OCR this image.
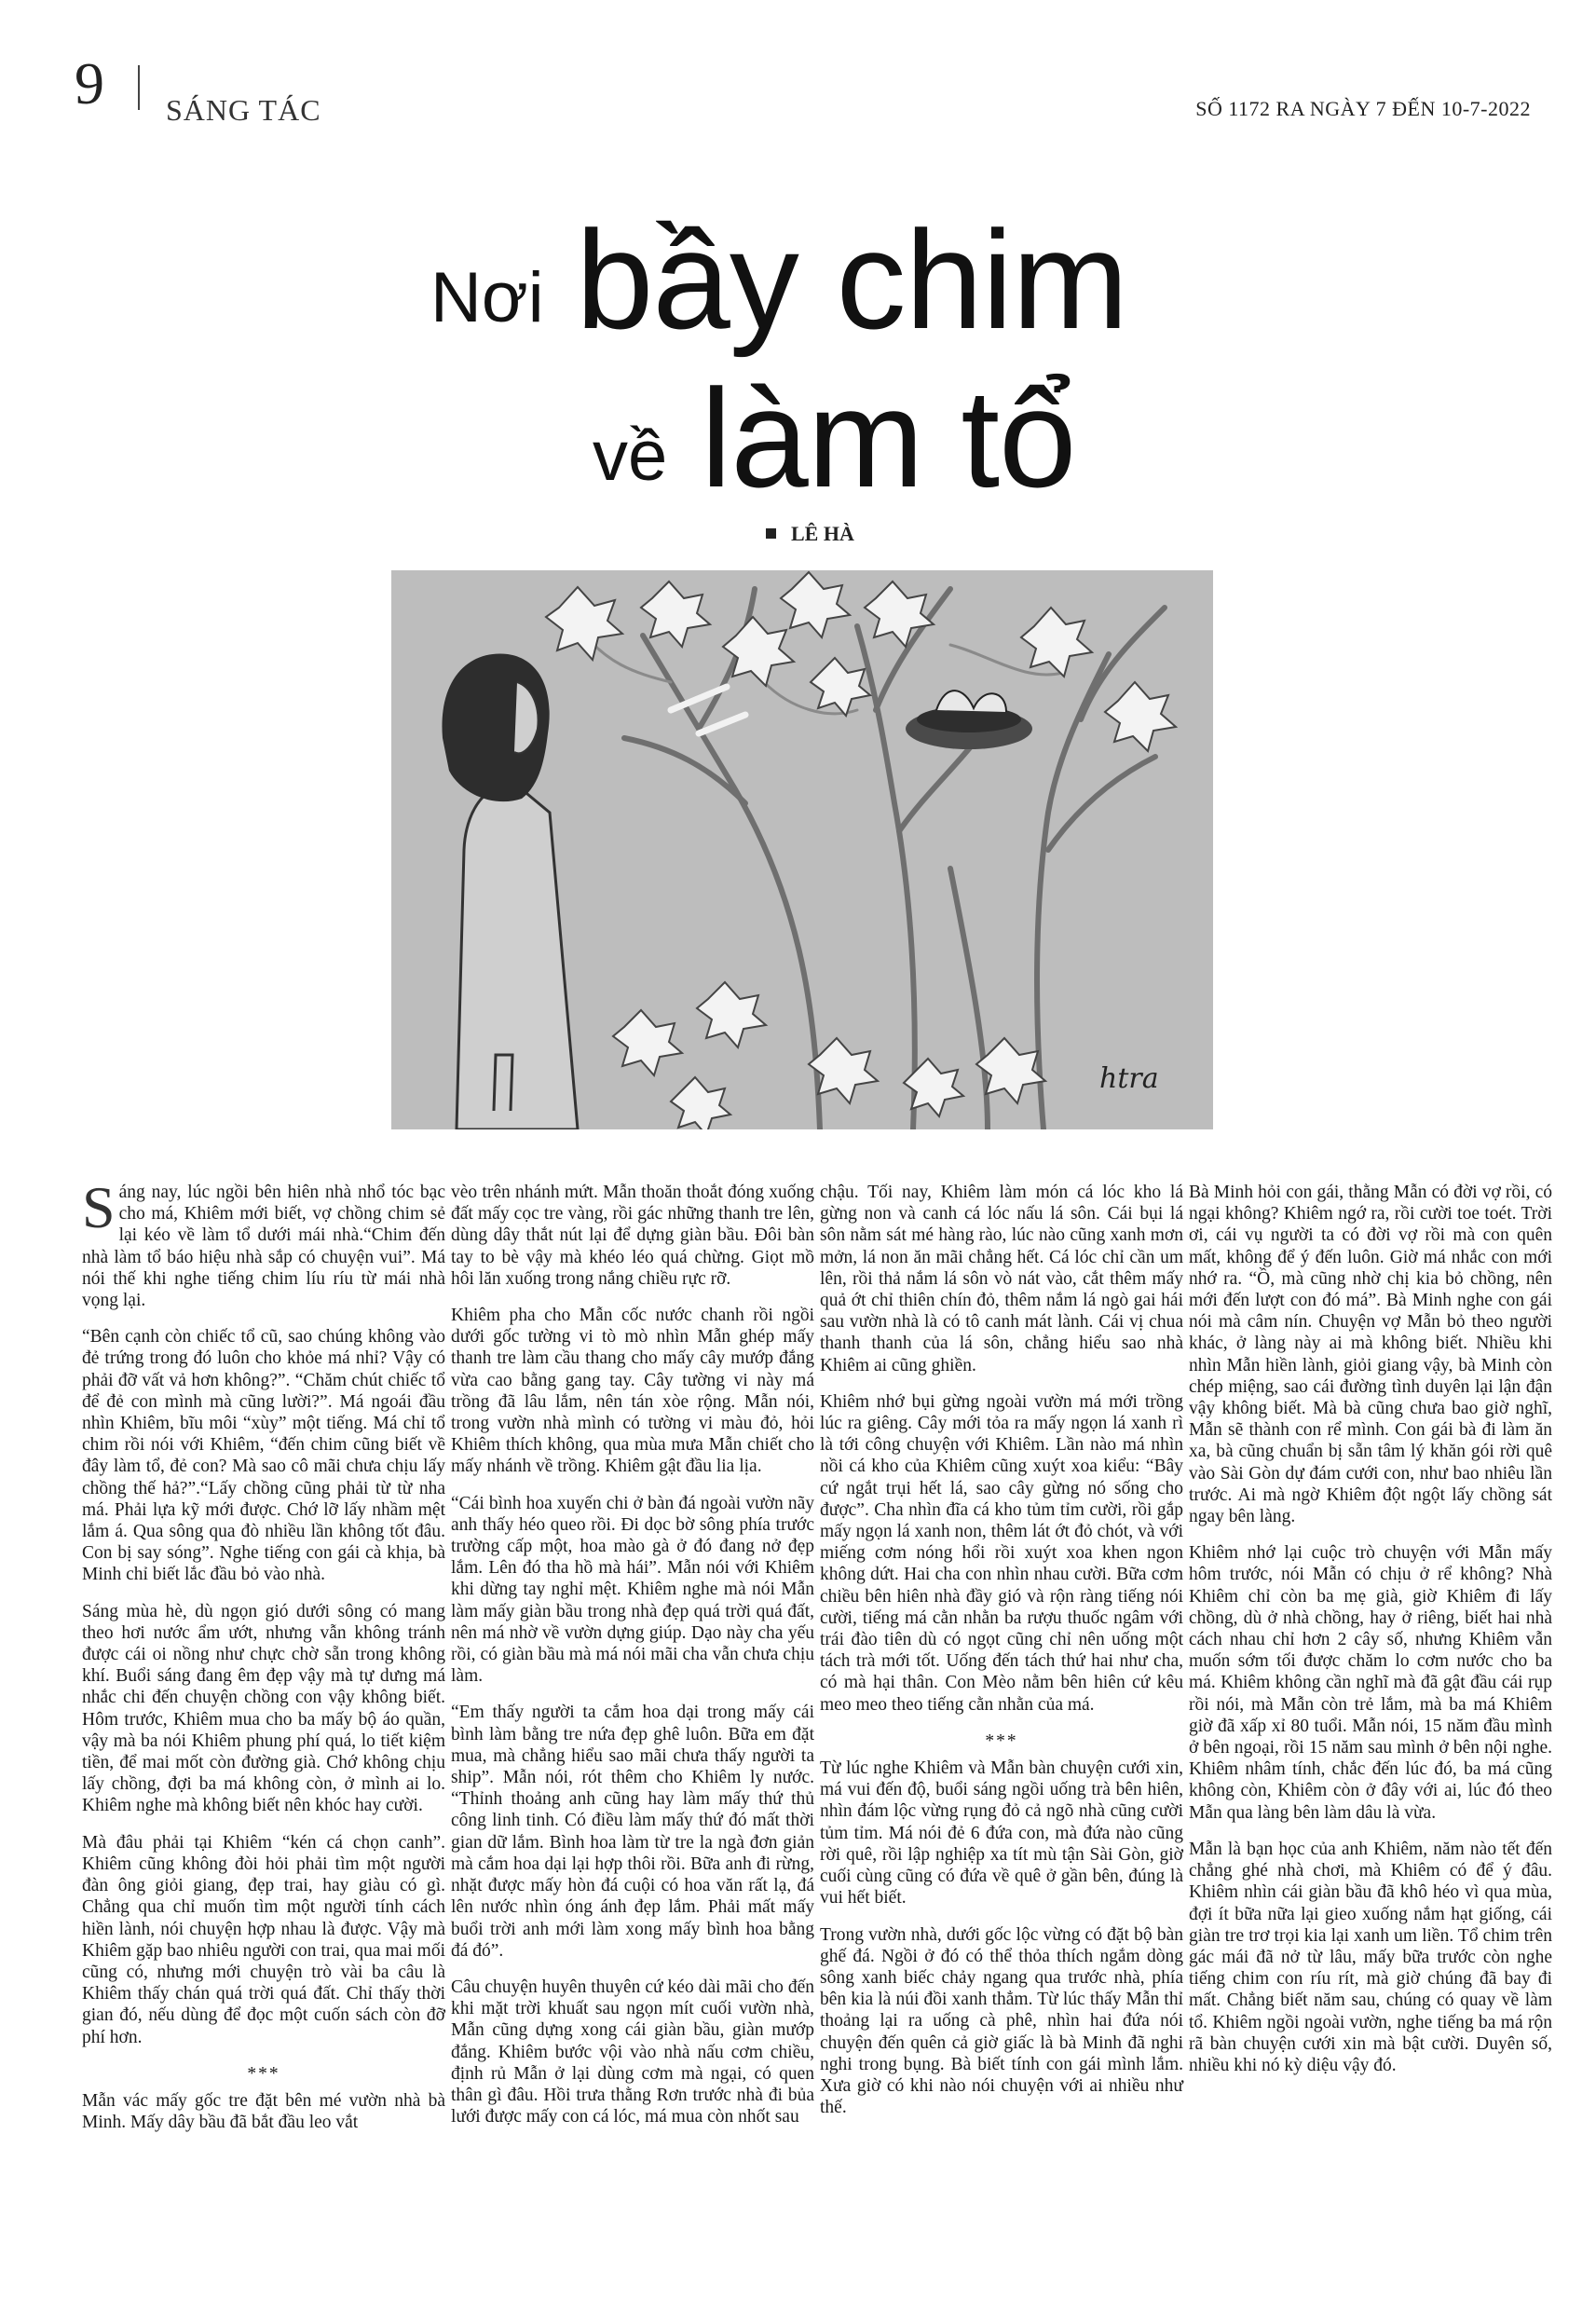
9 SÁNG TÁC	SỐ 1172 RA NGÀY 7 ĐẾN 10-7-2022
Nơi bầy chim
về làm tổ
LÊ HÀ
htra

Sáng nay, lúc ngồi bên hiên nhà nhổ tóc bạc cho má, Khiêm mới biết, vợ chồng chim sẻ lại kéo về làm tổ dưới mái nhà.“Chim đến nhà làm tổ báo hiệu nhà sắp có chuyện vui”. Má nói thế khi nghe tiếng chim líu ríu từ mái nhà vọng lại.

“Bên cạnh còn chiếc tổ cũ, sao chúng không vào đẻ trứng trong đó luôn cho khỏe má nhỉ? Vậy có phải đỡ vất vả hơn không?”. “Chăm chút chiếc tổ để đẻ con mình mà cũng lười?”. Má ngoái đầu nhìn Khiêm, bĩu môi “xùy” một tiếng. Má chỉ tổ chim rồi nói với Khiêm, “đến chim cũng biết về đây làm tổ, đẻ con? Mà sao cô mãi chưa chịu lấy chồng thế hả?”.“Lấy chồng cũng phải từ từ nha má. Phải lựa kỹ mới được. Chớ lỡ lấy nhầm mệt lắm á. Qua sông qua đò nhiều lần không tốt đâu. Con bị say sóng”. Nghe tiếng con gái cà khịa, bà Minh chỉ biết lắc đầu bỏ vào nhà.

Sáng mùa hè, dù ngọn gió dưới sông có mang theo hơi nước ẩm ướt, nhưng vẫn không tránh được cái oi nồng như chực chờ sẵn trong không khí. Buổi sáng đang êm đẹp vậy mà tự dưng má nhắc chi đến chuyện chồng con vậy không biết. Hôm trước, Khiêm mua cho ba mấy bộ áo quần, vậy mà ba nói Khiêm phung phí quá, lo tiết kiệm tiền, để mai mốt còn đường già. Chớ không chịu lấy chồng, đợi ba má không còn, ở mình ai lo. Khiêm nghe mà không biết nên khóc hay cười.

Mà đâu phải tại Khiêm “kén cá chọn canh”. Khiêm cũng không đòi hỏi phải tìm một người đàn ông giỏi giang, đẹp trai, hay giàu có gì. Chẳng qua chỉ muốn tìm một người tính cách hiền lành, nói chuyện hợp nhau là được. Vậy mà Khiêm gặp bao nhiêu người con trai, qua mai mối cũng có, nhưng mới chuyện trò vài ba câu là Khiêm thấy chán quá trời quá đất. Chỉ thấy thời gian đó, nếu dùng để đọc một cuốn sách còn đỡ phí hơn.

***

Mẫn vác mấy gốc tre đặt bên mé vườn nhà bà Minh. Mấy dây bầu đã bắt đầu leo vắt

vèo trên nhánh mứt. Mẫn thoăn thoắt đóng xuống đất mấy cọc tre vàng, rồi gác những thanh tre lên, dùng dây thắt nút lại để dựng giàn bầu. Đôi bàn tay to bè vậy mà khéo léo quá chừng. Giọt mồ hôi lăn xuống trong nắng chiều rực rỡ.

Khiêm pha cho Mẫn cốc nước chanh rồi ngồi dưới gốc tường vi tò mò nhìn Mẫn ghép mấy thanh tre làm cầu thang cho mấy cây mướp đắng vừa cao bằng gang tay. Cây tường vi này má trồng đã lâu lắm, nên tán xòe rộng. Mẫn nói, trong vườn nhà mình có tường vi màu đỏ, hỏi Khiêm thích không, qua mùa mưa Mẫn chiết cho mấy nhánh về trồng. Khiêm gật đầu lia lịa.

“Cái bình hoa xuyến chi ở bàn đá ngoài vườn nãy anh thấy héo queo rồi. Đi dọc bờ sông phía trước trường cấp một, hoa mào gà ở đó đang nở đẹp lắm. Lên đó tha hồ mà hái”. Mẫn nói với Khiêm khi dừng tay nghỉ mệt. Khiêm nghe mà nói Mẫn làm mấy giàn bầu trong nhà đẹp quá trời quá đất, nên má nhờ về vườn dựng giúp. Dạo này cha yếu rồi, có giàn bầu mà má nói mãi cha vẫn chưa chịu làm.

“Em thấy người ta cắm hoa dại trong mấy cái bình làm bằng tre nứa đẹp ghê luôn. Bữa em đặt mua, mà chẳng hiểu sao mãi chưa thấy người ta ship”. Mẫn nói, rót thêm cho Khiêm ly nước. “Thỉnh thoảng anh cũng hay làm mấy thứ thủ công linh tinh. Có điều làm mấy thứ đó mất thời gian dữ lắm. Bình hoa làm từ tre la ngà đơn giản mà cắm hoa dại lại hợp thôi rồi. Bữa anh đi rừng, nhặt được mấy hòn đá cuội có hoa văn rất lạ, đá lên nước nhìn óng ánh đẹp lắm. Phải mất mấy buổi trời anh mới làm xong mấy bình hoa bằng đá đó”.

Câu chuyện huyên thuyên cứ kéo dài mãi cho đến khi mặt trời khuất sau ngọn mít cuối vườn nhà, Mẫn cũng dựng xong cái giàn bầu, giàn mướp đắng. Khiêm bước vội vào nhà nấu cơm chiều, định rủ Mẫn ở lại dùng cơm mà ngại, có quen thân gì đâu. Hồi trưa thằng Rơn trước nhà đi bủa lưới được mấy con cá lóc, má mua còn nhốt sau

chậu. Tối nay, Khiêm làm món cá lóc kho lá gừng non và canh cá lóc nấu lá sôn. Cái bụi lá sôn nằm sát mé hàng rào, lúc nào cũng xanh mơn mởn, lá non ăn mãi chẳng hết. Cá lóc chỉ cần um lên, rồi thả nắm lá sôn vò nát vào, cắt thêm mấy quả ớt chỉ thiên chín đỏ, thêm nắm lá ngò gai hái sau vườn nhà là có tô canh mát lành. Cái vị chua thanh thanh của lá sôn, chẳng hiểu sao nhà Khiêm ai cũng ghiền.

Khiêm nhớ bụi gừng ngoài vườn má mới trồng lúc ra giêng. Cây mới tỏa ra mấy ngọn lá xanh rì là tới công chuyện với Khiêm. Lần nào má nhìn nồi cá kho của Khiêm cũng xuýt xoa kiểu: “Bây cứ ngắt trụi hết lá, sao cây gừng nó sống cho được”. Cha nhìn đĩa cá kho tủm tỉm cười, rồi gắp mấy ngọn lá xanh non, thêm lát ớt đỏ chót, và với miếng cơm nóng hổi rồi xuýt xoa khen ngon không dứt. Hai cha con nhìn nhau cười. Bữa cơm chiều bên hiên nhà đầy gió và rộn ràng tiếng nói cười, tiếng má cằn nhằn ba rượu thuốc ngâm với trái đào tiên dù có ngọt cũng chỉ nên uống một tách trà mới tốt. Uống đến tách thứ hai như cha, có mà hại thân. Con Mèo nằm bên hiên cứ kêu meo meo theo tiếng cằn nhằn của má.

***

Từ lúc nghe Khiêm và Mẫn bàn chuyện cưới xin, má vui đến độ, buổi sáng ngồi uống trà bên hiên, nhìn đám lộc vừng rụng đỏ cả ngõ nhà cũng cười tủm tỉm. Má nói đẻ 6 đứa con, mà đứa nào cũng rời quê, rồi lập nghiệp xa tít mù tận Sài Gòn, giờ cuối cùng cũng có đứa về quê ở gần bên, đúng là vui hết biết.

Trong vườn nhà, dưới gốc lộc vừng có đặt bộ bàn ghế đá. Ngồi ở đó có thể thỏa thích ngắm dòng sông xanh biếc chảy ngang qua trước nhà, phía bên kia là núi đồi xanh thẳm. Từ lúc thấy Mẫn thỉ thoảng lại ra uống cà phê, nhìn hai đứa nói chuyện đến quên cả giờ giấc là bà Minh đã nghi nghi trong bụng. Bà biết tính con gái mình lắm. Xưa giờ có khi nào nói chuyện với ai nhiều như thế.

Bà Minh hỏi con gái, thằng Mẫn có đời vợ rồi, có ngại không? Khiêm ngớ ra, rồi cười toe toét. Trời ơi, cái vụ người ta có đời vợ rồi mà con quên mất, không để ý đến luôn. Giờ má nhắc con mới nhớ ra. “Ồ, mà cũng nhờ chị kia bỏ chồng, nên mới đến lượt con đó má”. Bà Minh nghe con gái nói mà câm nín. Chuyện vợ Mẫn bỏ theo người khác, ở làng này ai mà không biết. Nhiều khi nhìn Mẫn hiền lành, giỏi giang vậy, bà Minh còn chép miệng, sao cái đường tình duyên lại lận đận vậy không biết. Mà bà cũng chưa bao giờ nghĩ, Mẫn sẽ thành con rể mình. Con gái bà đi làm ăn xa, bà cũng chuẩn bị sẵn tâm lý khăn gói rời quê vào Sài Gòn dự đám cưới con, như bao nhiêu lần trước. Ai mà ngờ Khiêm đột ngột lấy chồng sát ngay bên làng.

Khiêm nhớ lại cuộc trò chuyện với Mẫn mấy hôm trước, nói Mẫn có chịu ở rể không? Nhà Khiêm chỉ còn ba mẹ già, giờ Khiêm đi lấy chồng, dù ở nhà chồng, hay ở riêng, biết hai nhà cách nhau chỉ hơn 2 cây số, nhưng Khiêm vẫn muốn sớm tối được chăm lo cơm nước cho ba má. Khiêm không cần nghĩ mà đã gật đầu cái rụp rồi nói, mà Mẫn còn trẻ lắm, mà ba má Khiêm giờ đã xấp xỉ 80 tuổi. Mẫn nói, 15 năm đầu mình ở bên ngoại, rồi 15 năm sau mình ở bên nội nghe. Khiêm nhâm tính, chắc đến lúc đó, ba má cũng không còn, Khiêm còn ở đây với ai, lúc đó theo Mẫn qua làng bên làm dâu là vừa.

Mẫn là bạn học của anh Khiêm, năm nào tết đến chẳng ghé nhà chơi, mà Khiêm có để ý đâu. Khiêm nhìn cái giàn bầu đã khô héo vì qua mùa, đợi ít bữa nữa lại gieo xuống nắm hạt giống, cái giàn tre trơ trọi kia lại xanh um liền. Tổ chim trên gác mái đã nở từ lâu, mấy bữa trước còn nghe tiếng chim con ríu rít, mà giờ chúng đã bay đi mất. Chẳng biết năm sau, chúng có quay về làm tổ. Khiêm ngồi ngoài vườn, nghe tiếng ba má rộn rã bàn chuyện cưới xin mà bật cười. Duyên số, nhiều khi nó kỳ diệu vậy đó.
